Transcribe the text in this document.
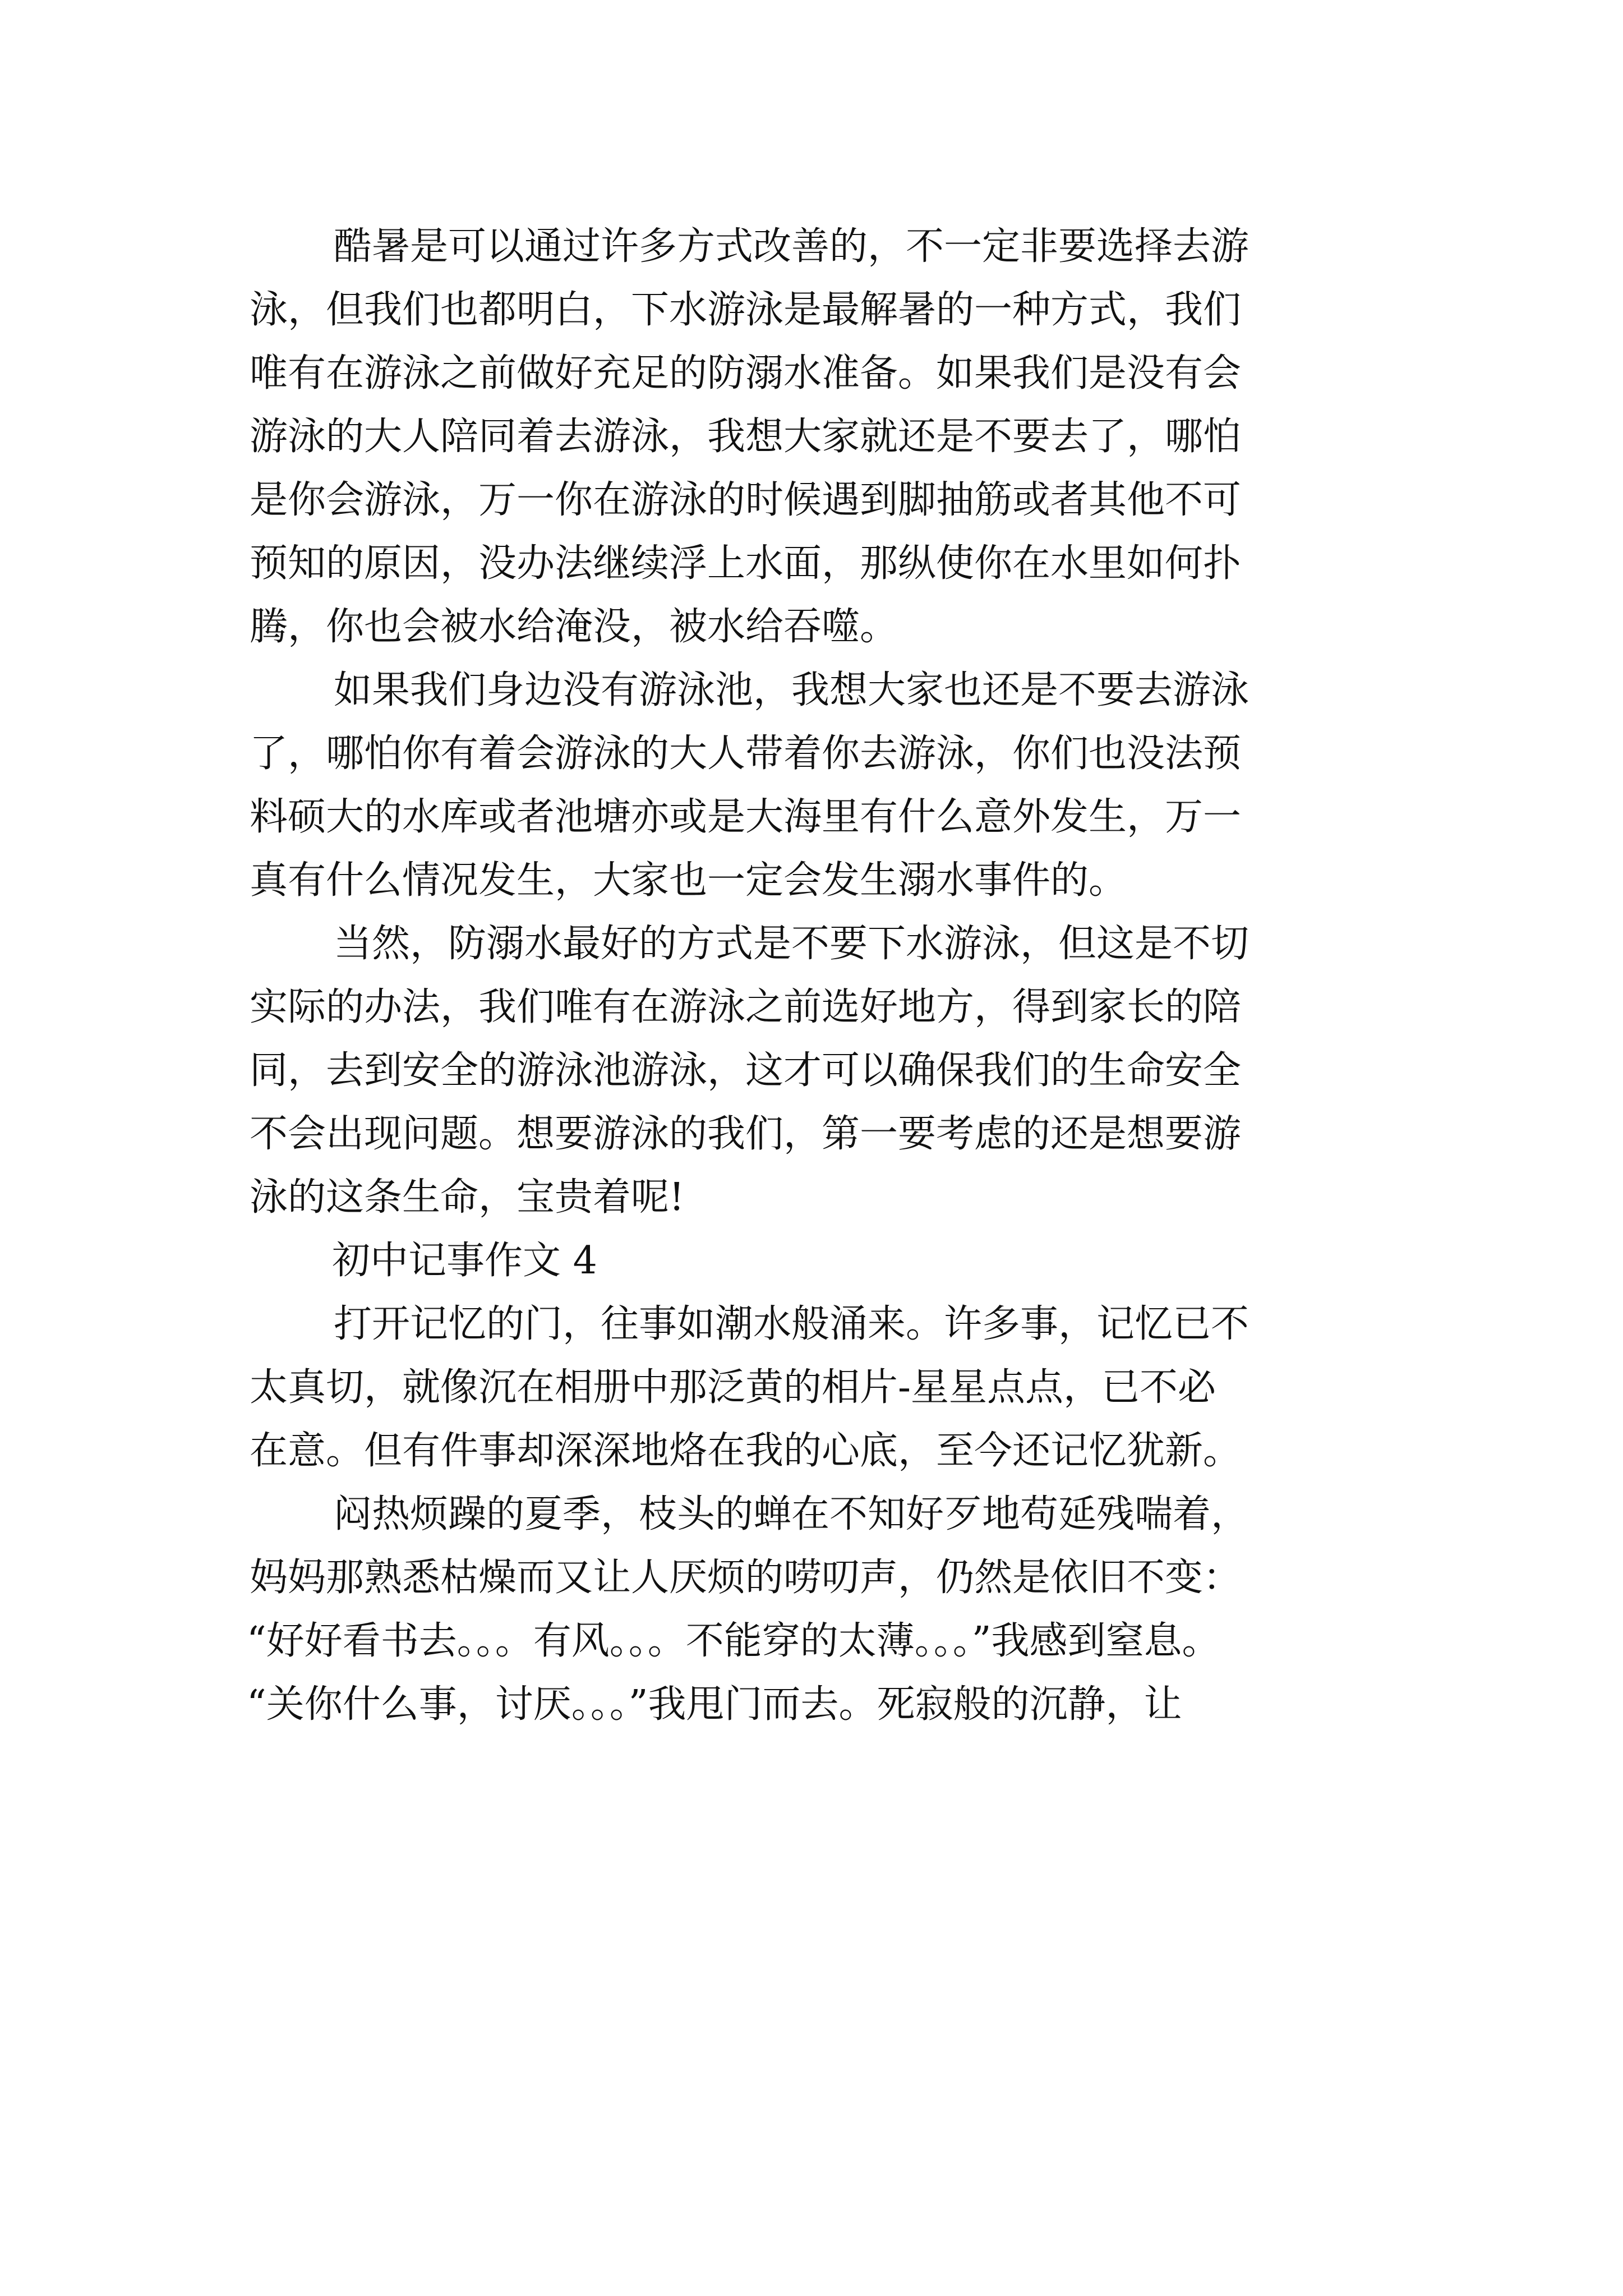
酷暑是可以通过许多方式改善的，不一定非要选择去游
泳，但我们也都明白，下水游泳是最解暑的一种方式，我们
唯有在游泳之前做好充足的防溺水准备。如果我们是没有会
游泳的大人陪同着去游泳，我想大家就还是不要去了，哪怕
是你会游泳，万一你在游泳的时候遇到脚抽筋或者其他不可
预知的原因，没办法继续浮上水面，那纵使你在水里如何扑
腾，你也会被水给淹没，被水给吞噬。
如果我们身边没有游泳池，我想大家也还是不要去游泳
了，哪怕你有着会游泳的大人带着你去游泳，你们也没法预
料硕大的水库或者池塘亦或是大海里有什么意外发生，万一
真有什么情况发生，大家也一定会发生溺水事件的。
当然，防溺水最好的方式是不要下水游泳，但这是不切
实际的办法，我们唯有在游泳之前选好地方，得到家长的陪
同，去到安全的游泳池游泳，这才可以确保我们的生命安全
不会出现问题。想要游泳的我们，第一要考虑的还是想要游
泳的这条生命，宝贵着呢!
初中记事作文 4
打开记忆的门，往事如潮水般涌来。许多事，记忆已不
太真切，就像沉在相册中那泛黄的相片-星星点点，已不必
在意。但有件事却深深地烙在我的心底，至今还记忆犹新。
闷热烦躁的夏季，枝头的蝉在不知好歹地苟延残喘着，
妈妈那熟悉枯燥而又让人厌烦的唠叨声，仍然是依旧不变：
“好好看书去。。。有风。。。不能穿的太薄。。。”我感到窒息。
“关你什么事，讨厌。。。”我甩门而去。死寂般的沉静，让
